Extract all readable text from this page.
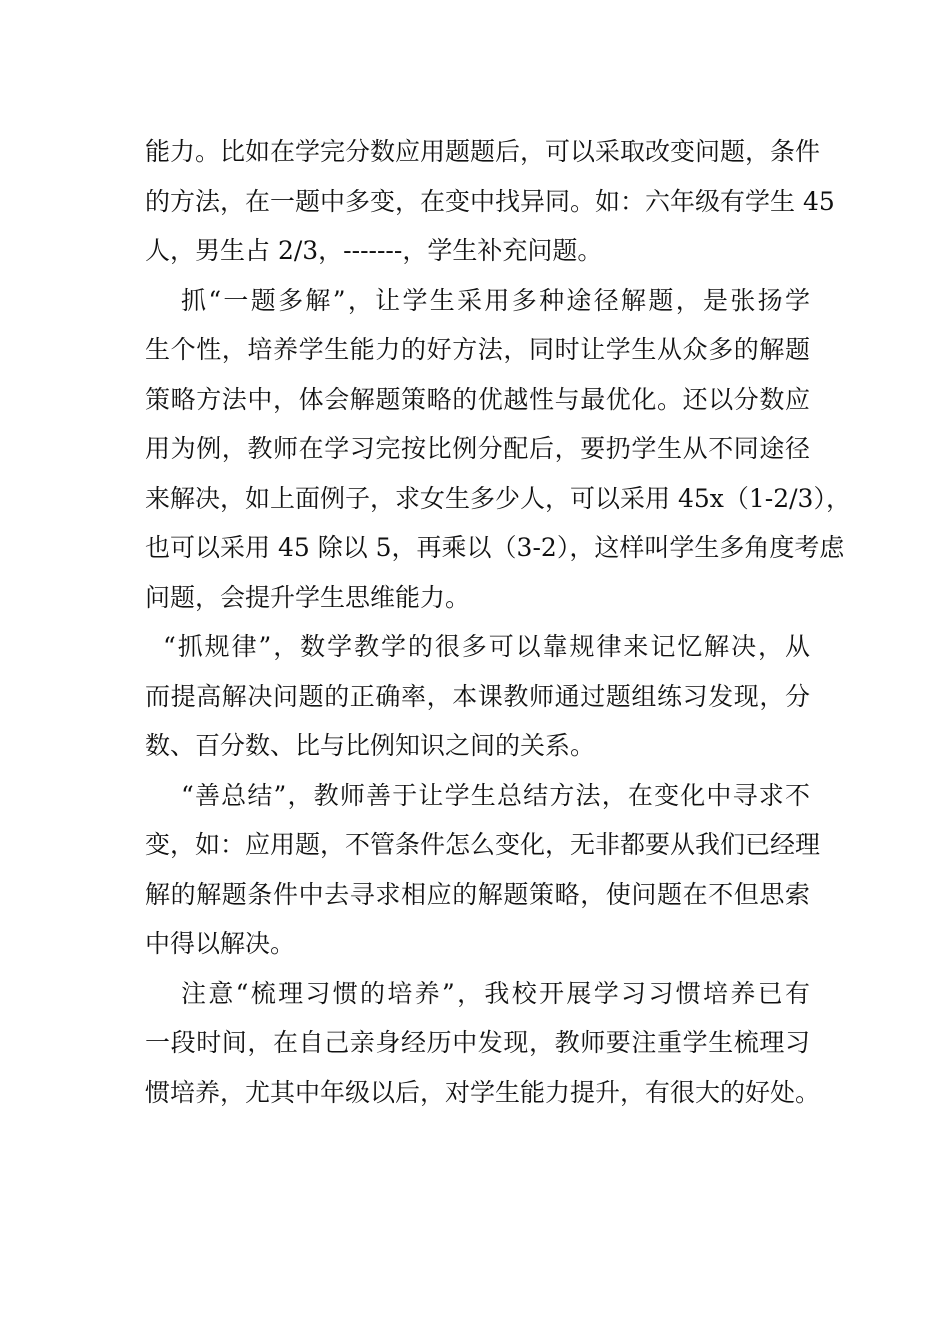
能力。比如在学完分数应用题题后，可以采取改变问题，条件
的方法，在一题中多变，在变中找异同。如：六年级有学生 45
人，男生占 2/3，-------，学生补充问题。
抓“一题多解”，让学生采用多种途径解题，是张扬学
生个性，培养学生能力的好方法，同时让学生从众多的解题
策略方法中，体会解题策略的优越性与最优化。还以分数应
用为例，教师在学习完按比例分配后，要扔学生从不同途径
来解决，如上面例子，求女生多少人，可以采用 45x（1-2/3），
也可以采用 45 除以 5，再乘以（3-2），这样叫学生多角度考虑
问题，会提升学生思维能力。
“抓规律”，数学教学的很多可以靠规律来记忆解决，从
而提高解决问题的正确率，本课教师通过题组练习发现，分
数、百分数、比与比例知识之间的关系。
“善总结”，教师善于让学生总结方法，在变化中寻求不
变，如：应用题，不管条件怎么变化，无非都要从我们已经理
解的解题条件中去寻求相应的解题策略，使问题在不但思索
中得以解决。
注意“梳理习惯的培养”，我校开展学习习惯培养已有
一段时间，在自己亲身经历中发现，教师要注重学生梳理习
惯培养，尤其中年级以后，对学生能力提升，有很大的好处。
